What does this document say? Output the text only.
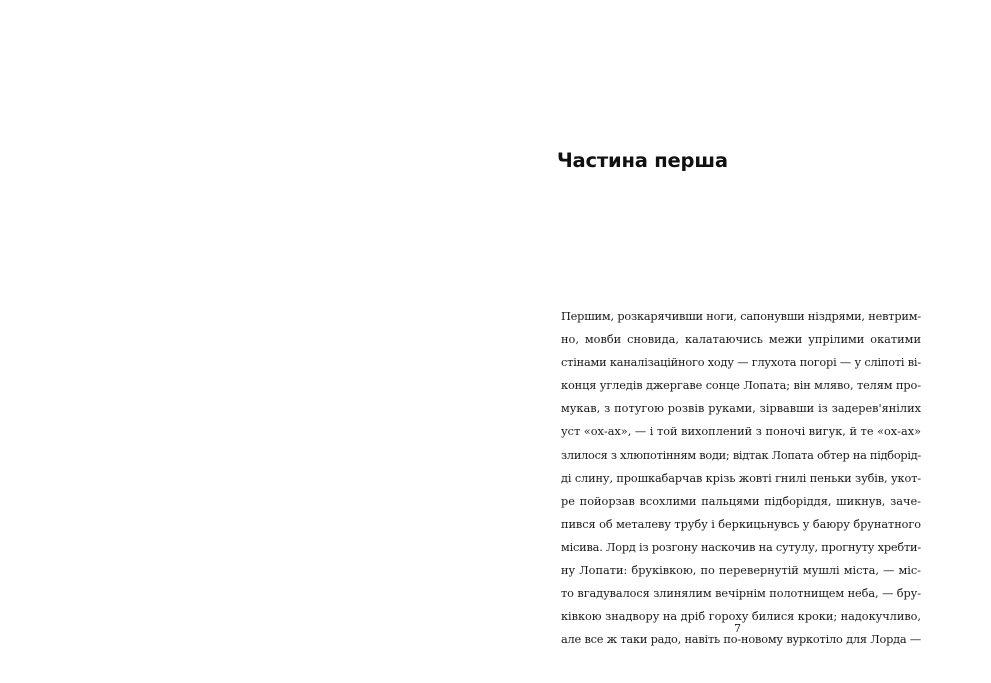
Частина перша
Першим, розкарячивши ноги, сапонувши ніздрями, невтрим-
но, мовби сновида, калатаючись межи упрілими окатими
стінами каналізаційного ходу — глухота погорі — у сліпоті ві-
конця угледів джергаве сонце Лопата; він мляво, телям про-
мукав, з потугою розвів руками, зірвавши із задерев'янілих
уст «ох-ах», — і той вихоплений з поночі вигук, й те «ох-ах»
злилося з хлюпотінням води; відтак Лопата обтер на підборід-
ді слину, прошкабарчав крізь жовті гнилі пеньки зубів, укот-
ре пойорзав всохлими пальцями підборіддя, шикнув, заче-
пився об металеву трубу і беркицьнувсь у баюру брунатного
місива. Лорд із розгону наскочив на сутулу, прогнуту хребти-
ну Лопати: бруківкою, по перевернутій мушлі міста, — міс-
то вгадувалося злинялим вечірнім полотнищем неба, — бру-
ківкою знадвору на дріб гороху билися кроки; надокучливо,
але все ж таки радо, навіть по-новому вуркотіло для Лорда —

7
